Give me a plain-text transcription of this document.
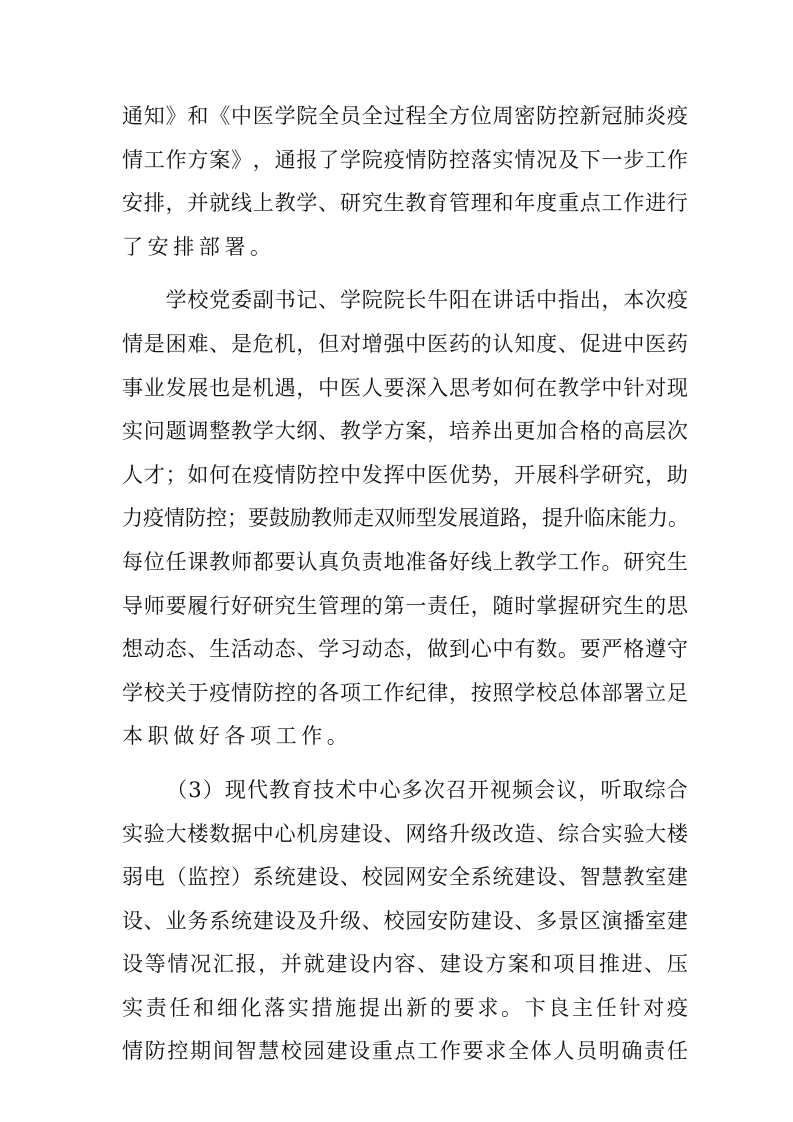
通 知 》 和 《 中 医 学 院 全 员 全 过 程 全 方 位 周 密 防 控 新 冠 肺 炎 疫
情 工 作 方 案 》 ， 通 报 了 学 院 疫 情 防 控 落 实 情 况 及 下 一 步 工 作
安 排 ， 并 就 线 上 教 学 、 研 究 生 教 育 管 理 和 年 度 重 点 工 作 进 行
了安排部署。

学 校 党 委 副 书 记 、 学 院 院 长 牛 阳 在 讲 话 中 指 出 ， 本 次 疫
情 是 困 难 、 是 危 机 ， 但 对 增 强 中 医 药 的 认 知 度 、 促 进 中 医 药
事 业 发 展 也 是 机 遇 ， 中 医 人 要 深 入 思 考 如 何 在 教 学 中 针 对 现
实 问 题 调 整 教 学 大 纲 、 教 学 方 案 ， 培 养 出 更 加 合 格 的 高 层 次
人 才 ； 如 何 在 疫 情 防 控 中 发 挥 中 医 优 势 ， 开 展 科 学 研 究 ， 助
力 疫 情 防 控 ； 要 鼓 励 教 师 走 双 师 型 发 展 道 路 ， 提 升 临 床 能 力 。
每 位 任 课 教 师 都 要 认 真 负 责 地 准 备 好 线 上 教 学 工 作 。 研 究 生
导 师 要 履 行 好 研 究 生 管 理 的 第 一 责 任 ， 随 时 掌 握 研 究 生 的 思
想 动 态 、 生 活 动 态 、 学 习 动 态 ， 做 到 心 中 有 数 。 要 严 格 遵 守
学 校 关 于 疫 情 防 控 的 各 项 工 作 纪 律 ， 按 照 学 校 总 体 部 署 立 足
本职做好各项工作。

（ 3 ） 现 代 教 育 技 术 中 心 多 次 召 开 视 频 会 议 ， 听 取 综 合
实 验 大 楼 数 据 中 心 机 房 建 设 、 网 络 升 级 改 造 、 综 合 实 验 大 楼
弱 电 （ 监 控 ） 系 统 建 设 、 校 园 网 安 全 系 统 建 设 、 智 慧 教 室 建
设 、 业 务 系 统 建 设 及 升 级 、 校 园 安 防 建 设 、 多 景 区 演 播 室 建
设 等 情 况 汇 报 ， 并 就 建 设 内 容 、 建 设 方 案 和 项 目 推 进 、 压
实 责 任 和 细 化 落 实 措 施 提 出 新 的 要 求 。 卞 良 主 任 针 对 疫
情 防 控 期 间 智 慧 校 园 建 设 重 点 工 作 要 求 全 体 人 员 明 确 责 任
